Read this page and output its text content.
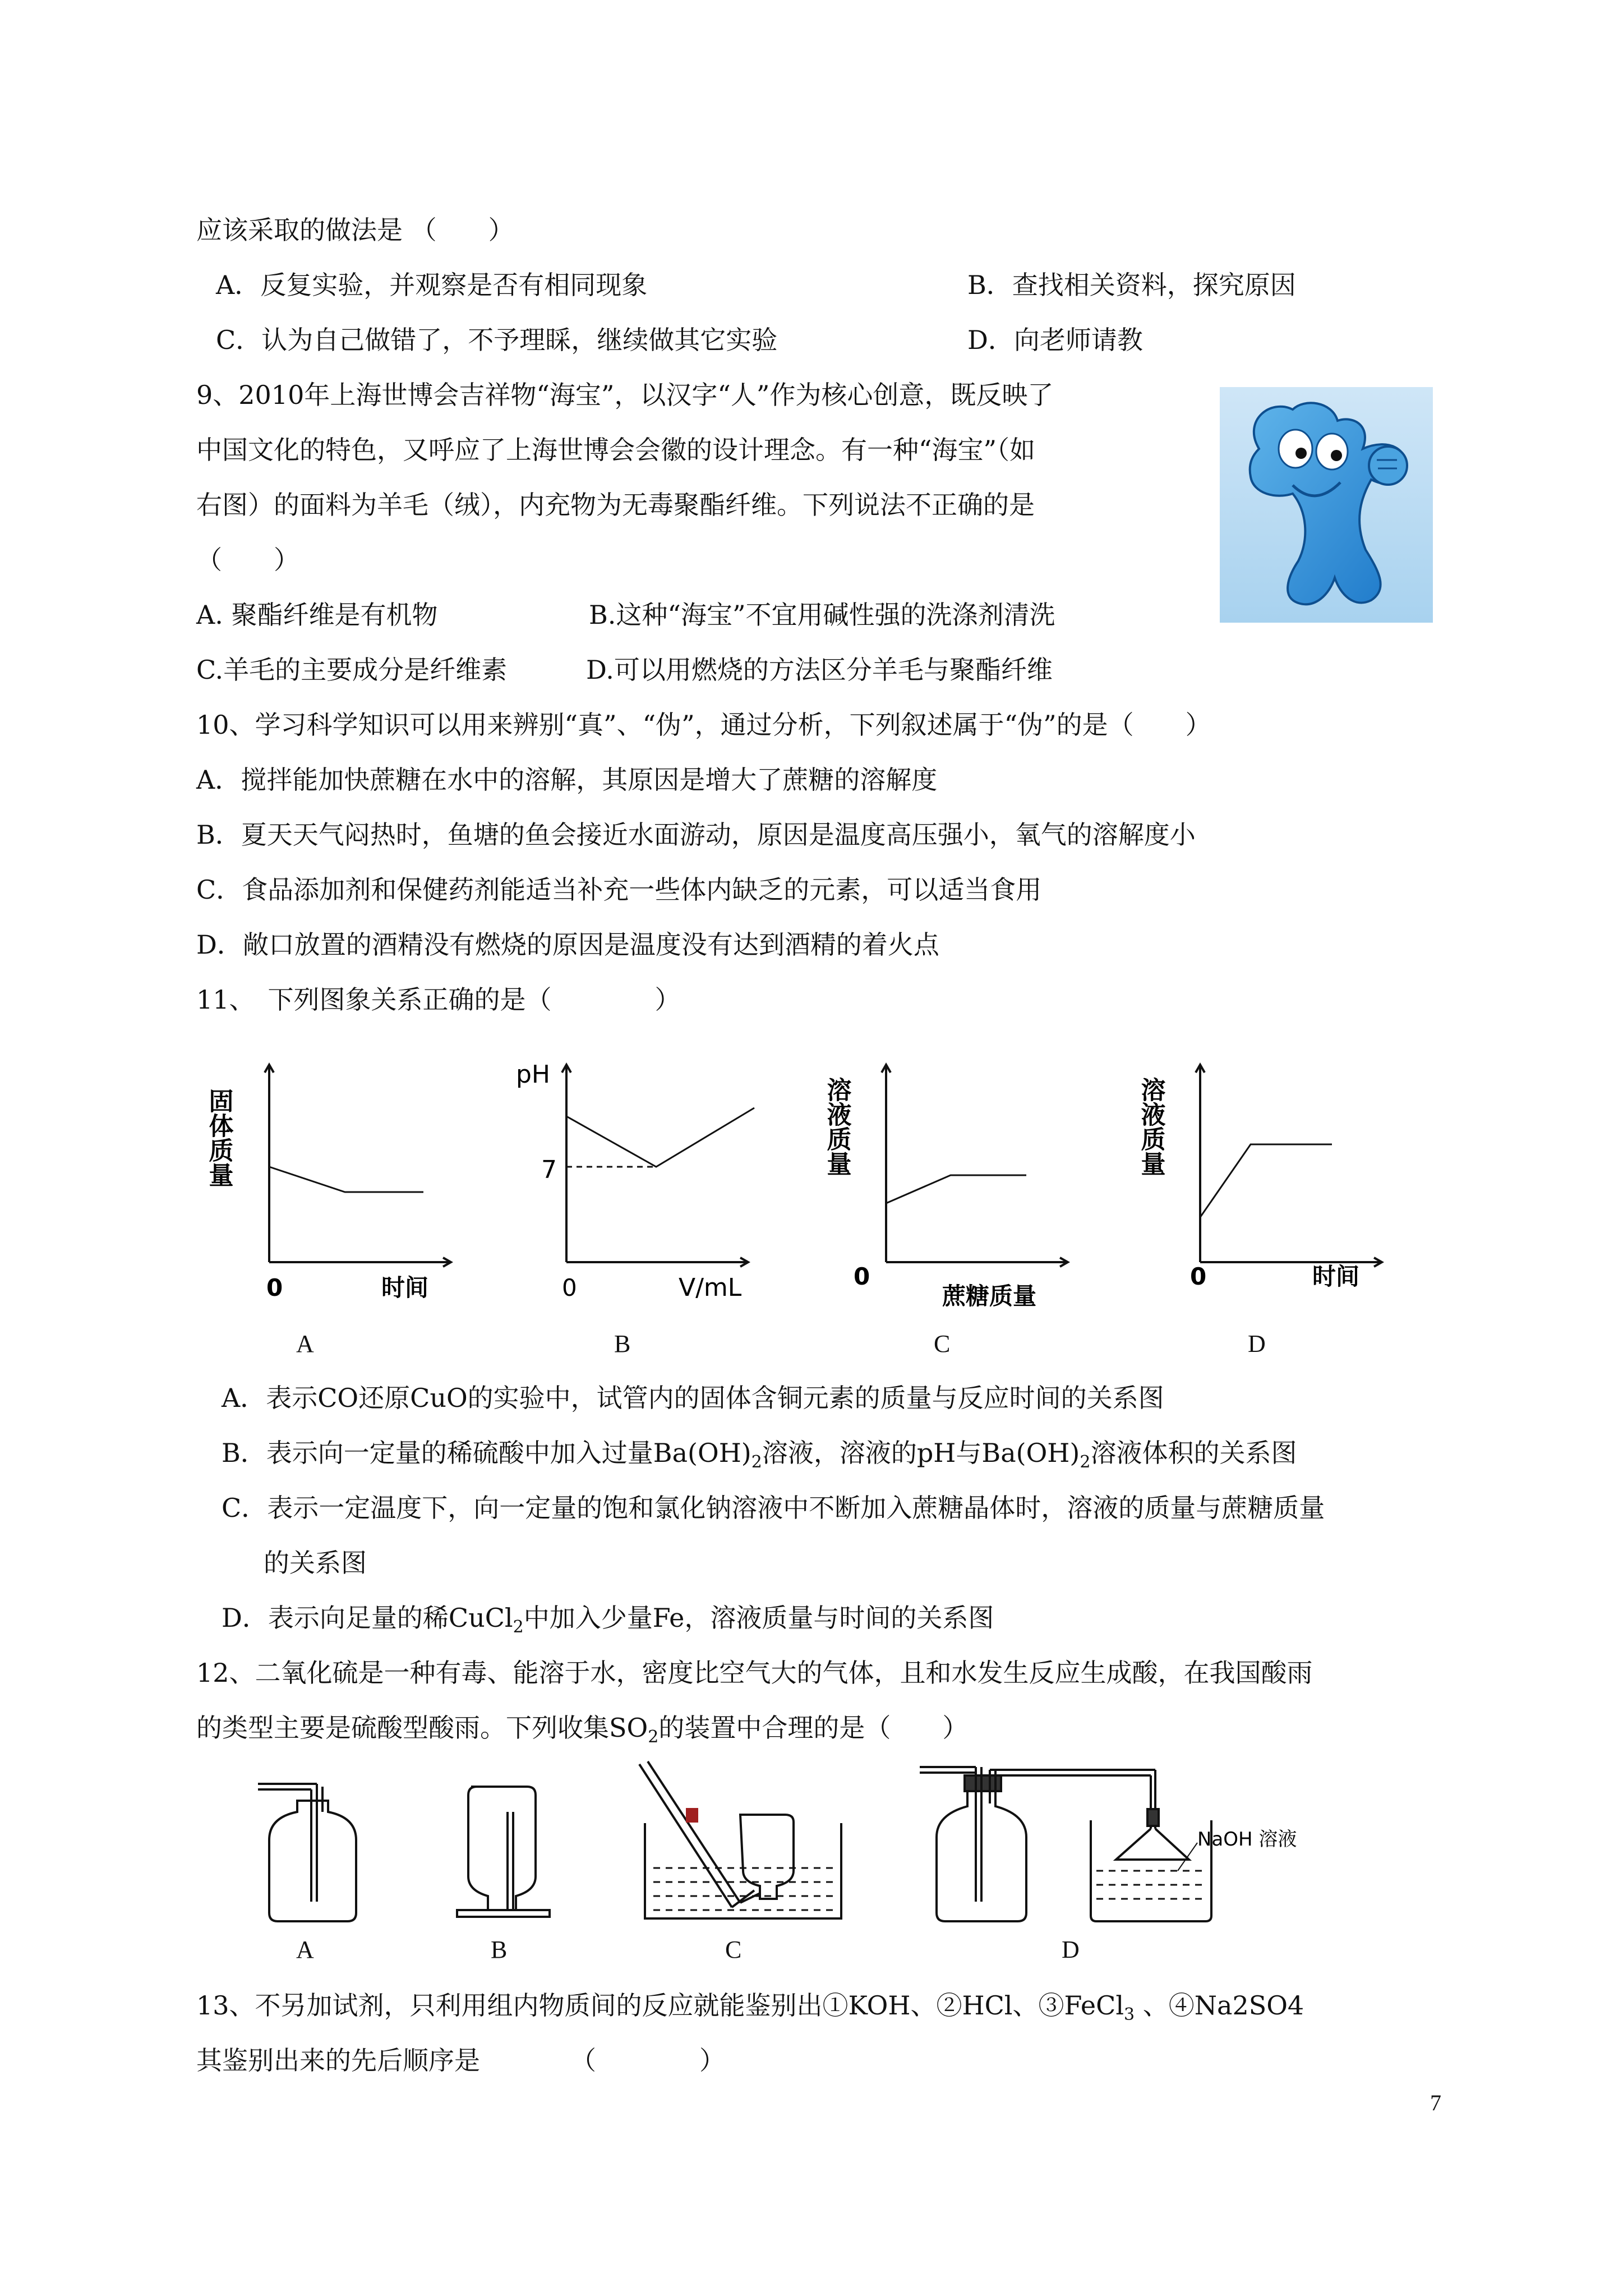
应该采取的做法是 （　　）
A．反复实验，并观察是否有相同现象	B．查找相关资料，探究原因
C．认为自己做错了，不予理睬，继续做其它实验	D．向老师请教
9、2010年上海世博会吉祥物“海宝”，以汉字“人”作为核心创意，既反映了
中国文化的特色，又呼应了上海世博会会徽的设计理念。有一种“海宝”（如
右图）的面料为羊毛（绒），内充物为无毒聚酯纤维。下列说法不正确的是
（　　）
A. 聚酯纤维是有机物	B.这种“海宝”不宜用碱性强的洗涤剂清洗
C.羊毛的主要成分是纤维素	D.可以用燃烧的方法区分羊毛与聚酯纤维
10、学习科学知识可以用来辨别“真”、“伪”，通过分析，下列叙述属于“伪”的是（　　）
A．搅拌能加快蔗糖在水中的溶解，其原因是增大了蔗糖的溶解度
B．夏天天气闷热时，鱼塘的鱼会接近水面游动，原因是温度高压强小，氧气的溶解度小
C．食品添加剂和保健药剂能适当补充一些体内缺乏的元素，可以适当食用
D．敞口放置的酒精没有燃烧的原因是温度没有达到酒精的着火点
11、　下列图象关系正确的是（　　　　）
固体质量
0	时间
pH
7
0	V/mL
溶液质量
0
蔗糖质量
溶液质量
0	时间
A	B	C	D
A．表示CO还原CuO的实验中，试管内的固体含铜元素的质量与反应时间的关系图
B．表示向一定量的稀硫酸中加入过量$Ba(OH)_2$溶液，溶液的pH与$Ba(OH)_2$溶液体积的关系图
C．表示一定温度下，向一定量的饱和氯化钠溶液中不断加入蔗糖晶体时，溶液的质量与蔗糖质量
的关系图
D．表示向足量的稀CuCl$_2$中加入少量Fe，溶液质量与时间的关系图
12、二氧化硫是一种有毒、能溶于水，密度比空气大的气体，且和水发生反应生成酸，在我国酸雨
的类型主要是硫酸型酸雨。下列收集$SO_2$的装置中合理的是（　　）
NaOH 溶液
A	B	C	D
13、不另加试剂，只利用组内物质间的反应就能鉴别出①KOH、②HCl、③FeCl$_3$ 、④Na2SO4
其鉴别出来的先后顺序是　　　　（　　　　）
7
